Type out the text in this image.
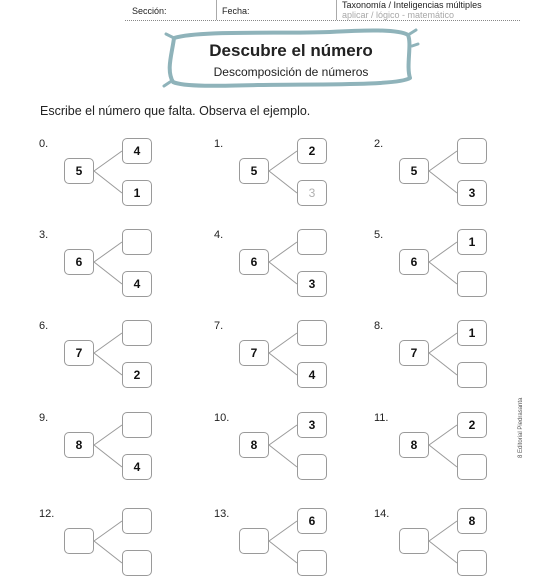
Sección:	Fecha:
Taxonomía / Inteligencias múltiples
aplicar / lógico - matemático
Descubre el número
Descomposición de números
Escribe el número que falta. Observa el ejemplo.
0.
5
4
1
1.
5
2
3
2.
5
3
3.
6
4
4.
6
3
5.
6
1
6.
7
2
7.
7
4
8.
7
1
9.
8
4
10.
8
3	11.
8
2
12.	13.	6	14.	8
8 Editorial Piedrasanta
